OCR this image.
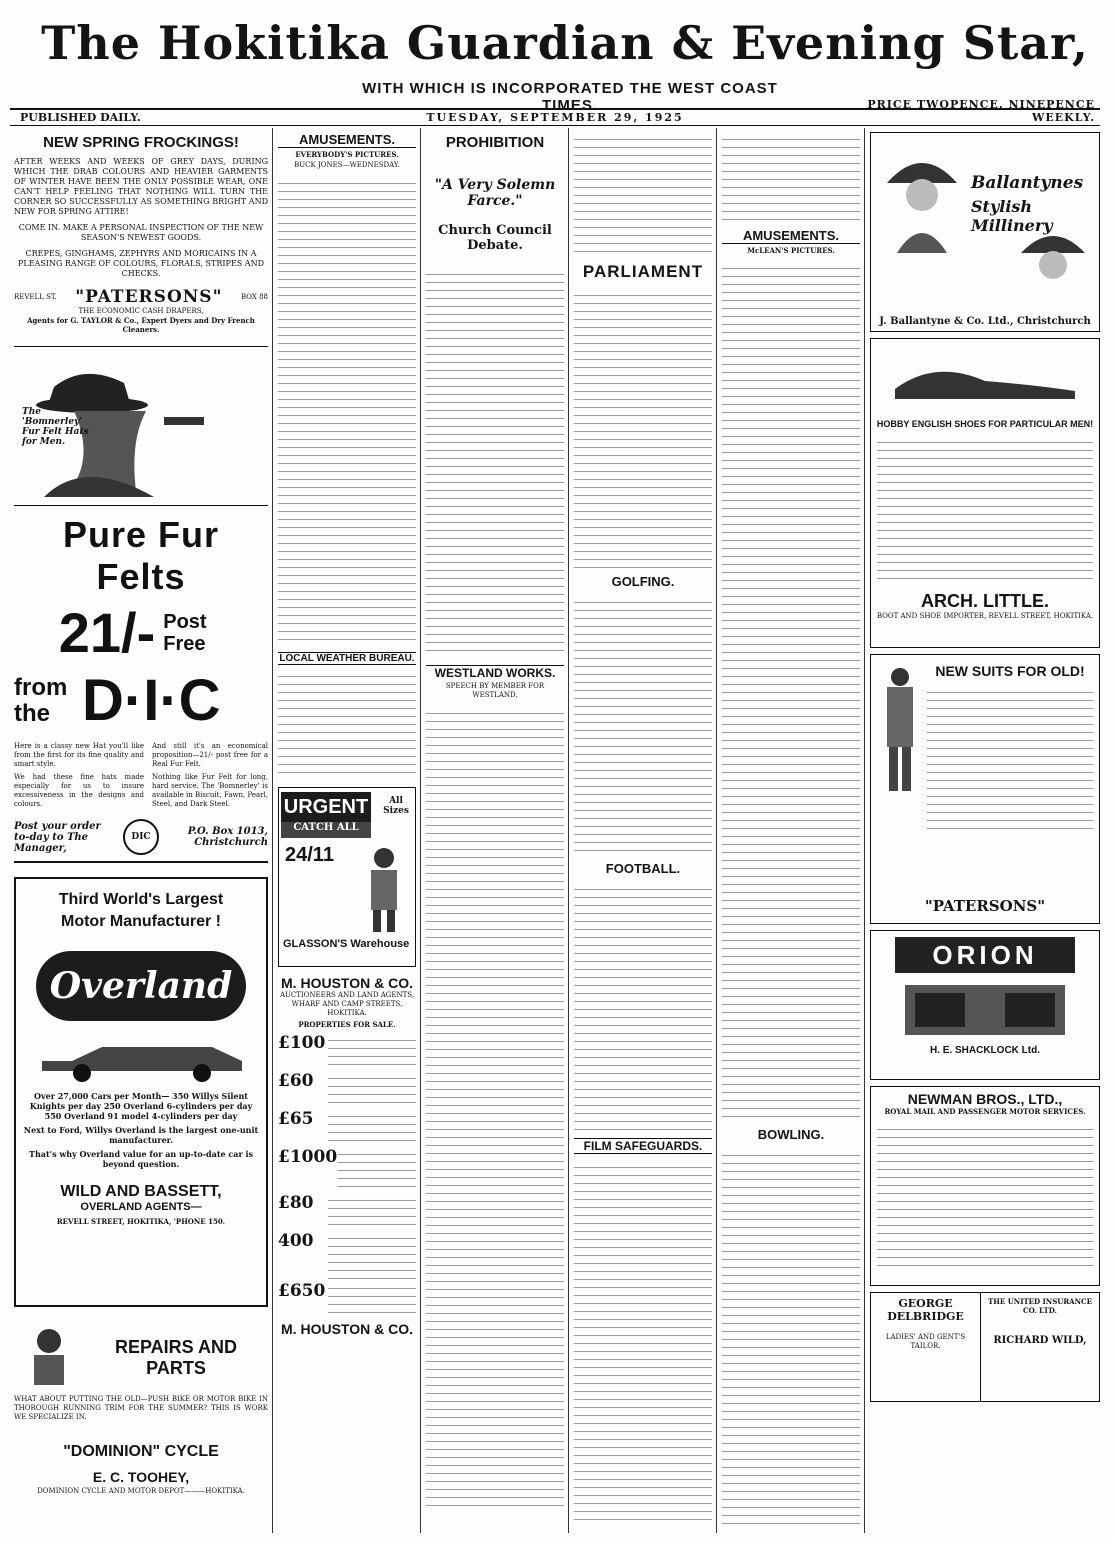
The Hokitika Guardian & Evening Star,
WITH WHICH IS INCORPORATED THE WEST COAST TIMES.	PRICE TWOPENCE. NINEPENCE WEEKLY.
PUBLISHED DAILY.	TUESDAY, SEPTEMBER 29, 1925
NEW SPRING FROCKINGS!
AFTER WEEKS AND WEEKS OF GREY DAYS, DURING WHICH THE DRAB COLOURS AND HEAVIER GARMENTS OF WINTER HAVE BEEN THE ONLY POSSIBLE WEAR, ONE CAN'T HELP FEELING THAT NOTHING WILL TURN THE CORNER SO SUCCESSFULLY AS SOMETHING BRIGHT AND NEW FOR SPRING ATTIRE!
COME IN. MAKE A PERSONAL INSPECTION OF THE NEW SEASON'S NEWEST GOODS.
CREPES, GINGHAMS, ZEPHYRS AND MORICAINS IN A PLEASING RANGE OF COLOURS, FLORALS, STRIPES AND CHECKS.
REVELL ST. "PATERSONS"	BOX 88
THE ECONOMIC CASH DRAPERS,
Agents for G. TAYLOR & Co., Expert Dyers and Dry French Cleaners.
The 'Bomnerley' Fur Felt Hats for Men.
Pure Fur Felts
21/- Post Free
from the D·I·C
Here is a classy new Hat you'll like from the first for its fine quality and smart style.
We had these fine hats made especially for us to insure excessiveness in the designs and colours.
And still it's an economical proposition—21/- post free for a Real Fur Felt.
Nothing like Fur Felt for long, hard service. The 'Bomnerley' is available in Biscuit, Fawn, Pearl, Steel, and Dark Steel.
Post your order to-day to The Manager,
DIC	P.O. Box 1013, Christchurch
Third World's Largest Motor Manufacturer !
Overland
Over 27,000 Cars per Month— 350 Willys Silent Knights per day 250 Overland 6-cylinders per day 550 Overland 91 model 4-cylinders per day
Next to Ford, Willys Overland is the largest one-unit manufacturer.
That's why Overland value for an up-to-date car is beyond question.
WILD AND BASSETT,
OVERLAND AGENTS—
REVELL STREET, HOKITIKA, 'PHONE 150.
REPAIRS AND PARTS
WHAT ABOUT PUTTING THE OLD—PUSH BIKE OR MOTOR BIKE IN THOROUGH RUNNING TRIM FOR THE SUMMER? THIS IS WORK WE SPECIALIZE IN.
"DOMINION" CYCLE
E. C. TOOHEY,
DOMINION CYCLE AND MOTOR DEPOT———HOKITIKA.
AMUSEMENTS.
EVERYBODY'S PICTURES.
BUCK JONES—WEDNESDAY.
LOCAL WEATHER BUREAU.
URGENT
CATCH ALL
All Sizes
24/11
GLASSON'S Warehouse
M. HOUSTON & CO.
AUCTIONEERS AND LAND AGENTS, WHARF AND CAMP STREETS, HOKITIKA.
PROPERTIES FOR SALE.
£100
£60
£65
£1000
£80
400
£650
M. HOUSTON & CO.
PROHIBITION
"A Very Solemn Farce."
Church Council Debate.
WESTLAND WORKS.
SPEECH BY MEMBER FOR WESTLAND.
PARLIAMENT
GOLFING.
FOOTBALL.
FILM SAFEGUARDS.
AMUSEMENTS.
McLEAN'S PICTURES.
BOWLING.
Ballantynes
Stylish Millinery
J. Ballantyne & Co. Ltd., Christchurch
HOBBY ENGLISH SHOES FOR PARTICULAR MEN!
ARCH. LITTLE.
BOOT AND SHOE IMPORTER, REVELL STREET, HOKITIKA.
NEW SUITS FOR OLD!
"PATERSONS"
ORION
H. E. SHACKLOCK Ltd.
NEWMAN BROS., LTD.,
ROYAL MAIL AND PASSENGER MOTOR SERVICES.
GEORGE DELBRIDGE
LADIES' AND GENT'S TAILOR.
THE UNITED INSURANCE CO. LTD.
RICHARD WILD,
